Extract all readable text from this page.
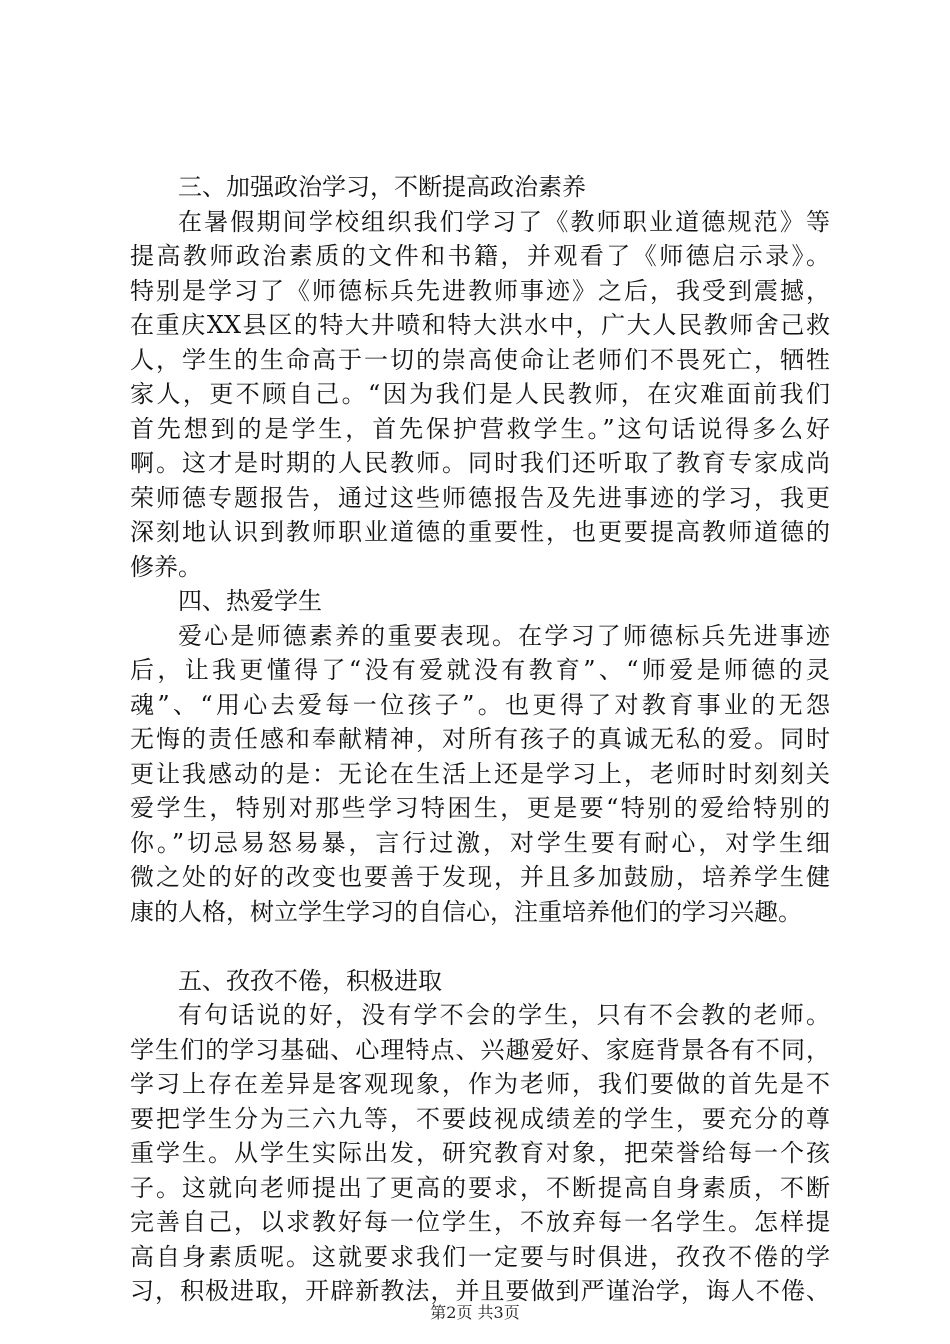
三、加强政治学习，不断提高政治素养
在暑假期间学校组织我们学习了《教师职业道德规范》等
提高教师政治素质的文件和书籍，并观看了《师德启示录》。
特别是学习了《师德标兵先进教师事迹》之后，我受到震撼，
在重庆XX县区的特大井喷和特大洪水中，广大人民教师舍己救
人，学生的生命高于一切的崇高使命让老师们不畏死亡，牺牲
家人，更不顾自己。“因为我们是人民教师，在灾难面前我们
首先想到的是学生，首先保护营救学生。”这句话说得多么好
啊。这才是时期的人民教师。同时我们还听取了教育专家成尚
荣师德专题报告，通过这些师德报告及先进事迹的学习，我更
深刻地认识到教师职业道德的重要性，也更要提高教师道德的
修养。
四、热爱学生
爱心是师德素养的重要表现。在学习了师德标兵先进事迹
后，让我更懂得了“没有爱就没有教育”、“师爱是师德的灵
魂”、“用心去爱每一位孩子”。也更得了对教育事业的无怨
无悔的责任感和奉献精神，对所有孩子的真诚无私的爱。同时
更让我感动的是：无论在生活上还是学习上，老师时时刻刻关
爱学生，特别对那些学习特困生，更是要“特别的爱给特别的
你。”切忌易怒易暴，言行过激，对学生要有耐心，对学生细
微之处的好的改变也要善于发现，并且多加鼓励，培养学生健
康的人格，树立学生学习的自信心，注重培养他们的学习兴趣。
五、孜孜不倦，积极进取
有句话说的好，没有学不会的学生，只有不会教的老师。
学生们的学习基础、心理特点、兴趣爱好、家庭背景各有不同，
学习上存在差异是客观现象，作为老师，我们要做的首先是不
要把学生分为三六九等，不要歧视成绩差的学生，要充分的尊
重学生。从学生实际出发，研究教育对象，把荣誉给每一个孩
子。这就向老师提出了更高的要求，不断提高自身素质，不断
完善自己，以求教好每一位学生，不放弃每一名学生。怎样提
高自身素质呢。这就要求我们一定要与时俱进，孜孜不倦的学
习，积极进取，开辟新教法，并且要做到严谨治学，诲人不倦、
第2页 共3页
